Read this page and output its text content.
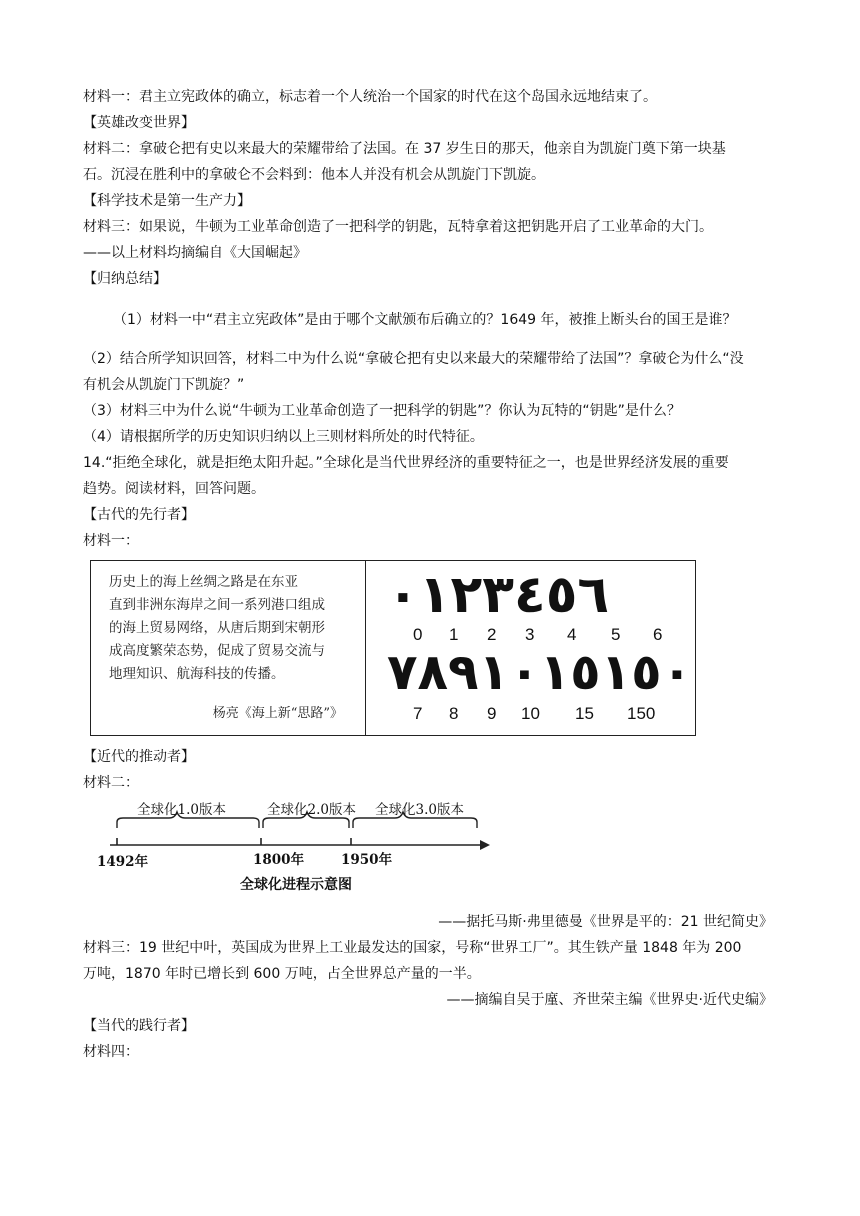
材料一：君主立宪政体的确立，标志着一个人统治一个国家的时代在这个岛国永远地结束了。
【英雄改变世界】
材料二：拿破仑把有史以来最大的荣耀带给了法国。在 37 岁生日的那天，他亲自为凯旋门奠下第一块基
石。沉浸在胜利中的拿破仑不会料到：他本人并没有机会从凯旋门下凯旋。
【科学技术是第一生产力】
材料三：如果说，牛顿为工业革命创造了一把科学的钥匙，瓦特拿着这把钥匙开启了工业革命的大门。
——以上材料均摘编自《大国崛起》
【归纳总结】
（1）材料一中“君主立宪政体”是由于哪个文献颁布后确立的？1649 年，被推上断头台的国王是谁？
（2）结合所学知识回答，材料二中为什么说“拿破仑把有史以来最大的荣耀带给了法国”？拿破仑为什么“没
有机会从凯旋门下凯旋？”
（3）材料三中为什么说“牛顿为工业革命创造了一把科学的钥匙”？你认为瓦特的“钥匙”是什么？
（4）请根据所学的历史知识归纳以上三则材料所处的时代特征。
14.“拒绝全球化，就是拒绝太阳升起。”全球化是当代世界经济的重要特征之一，也是世界经济发展的重要
趋势。阅读材料，回答问题。
【古代的先行者】
材料一：
历史上的海上丝绸之路是在东亚
直到非洲东海岸之间一系列港口组成
的海上贸易网络，从唐后期到宋朝形
成高度繁荣态势，促成了贸易交流与
地理知识、航海科技的传播。
杨亮《海上新“思路”》
٠١٢٣٤٥٦
0 1 2 3 4 5 6
٧٨٩١٠١٥١٥٠
7 8 9 10 15 150
【近代的推动者】
材料二：
全球化1.0版本	全球化2.0版本 全球化3.0版本
1492年	1800年	1950年
全球化进程示意图
——据托马斯·弗里德曼《世界是平的：21 世纪简史》
材料三：19 世纪中叶，英国成为世界上工业最发达的国家，号称“世界工厂”。其生铁产量 1848 年为 200
万吨，1870 年时已增长到 600 万吨，占全世界总产量的一半。
——摘编自吴于廑、齐世荣主编《世界史·近代史编》
【当代的践行者】
材料四：
